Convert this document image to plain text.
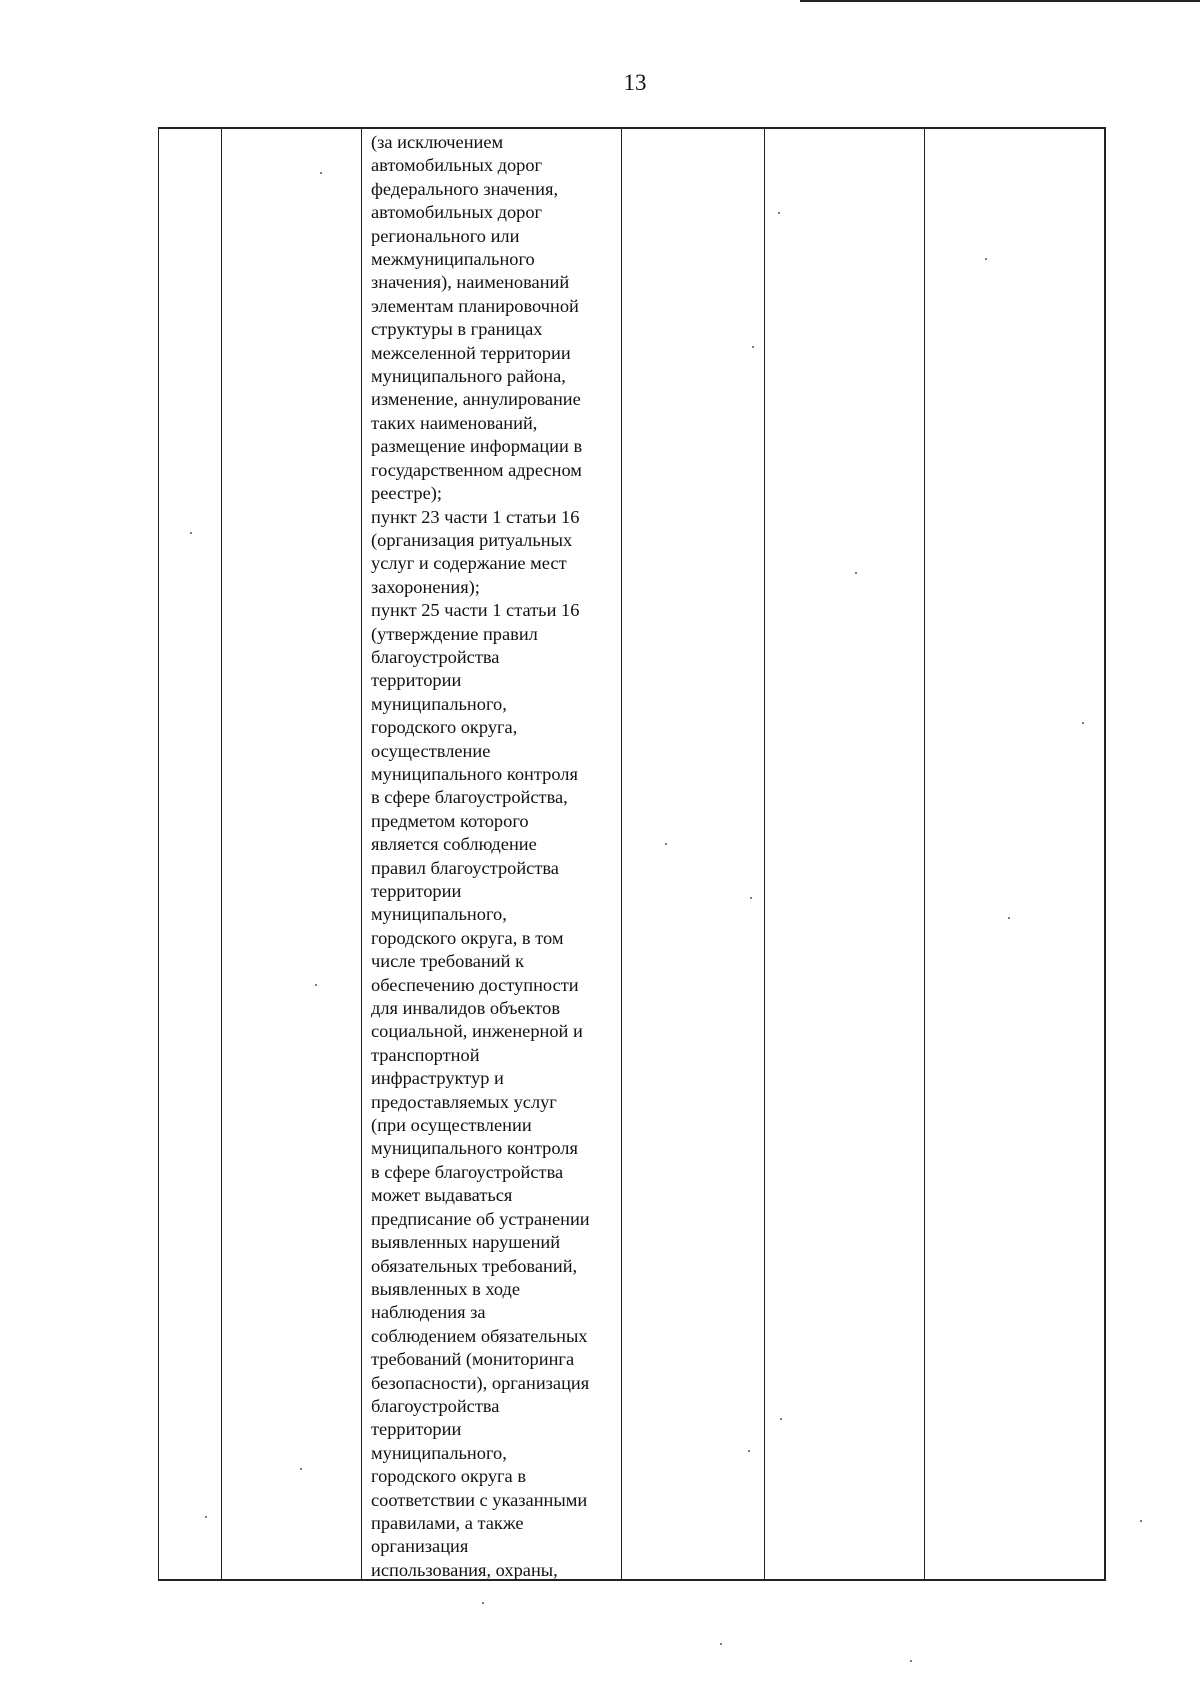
13
(за исключением
автомобильных дорог
федерального значения,
автомобильных дорог
регионального или
межмуниципального
значения), наименований
элементам планировочной
структуры в границах
межселенной территории
муниципального района,
изменение, аннулирование
таких наименований,
размещение информации в
государственном адресном
реестре);
пункт 23 части 1 статьи 16
(организация ритуальных
услуг и содержание мест
захоронения);
пункт 25 части 1 статьи 16
(утверждение правил
благоустройства
территории
муниципального,
городского округа,
осуществление
муниципального контроля
в сфере благоустройства,
предметом которого
является соблюдение
правил благоустройства
территории
муниципального,
городского округа, в том
числе требований к
обеспечению доступности
для инвалидов объектов
социальной, инженерной и
транспортной
инфраструктур и
предоставляемых услуг
(при осуществлении
муниципального контроля
в сфере благоустройства
может выдаваться
предписание об устранении
выявленных нарушений
обязательных требований,
выявленных в ходе
наблюдения за
соблюдением обязательных
требований (мониторинга
безопасности), организация
благоустройства
территории
муниципального,
городского округа в
соответствии с указанными
правилами, а также
организация
использования, охраны,
